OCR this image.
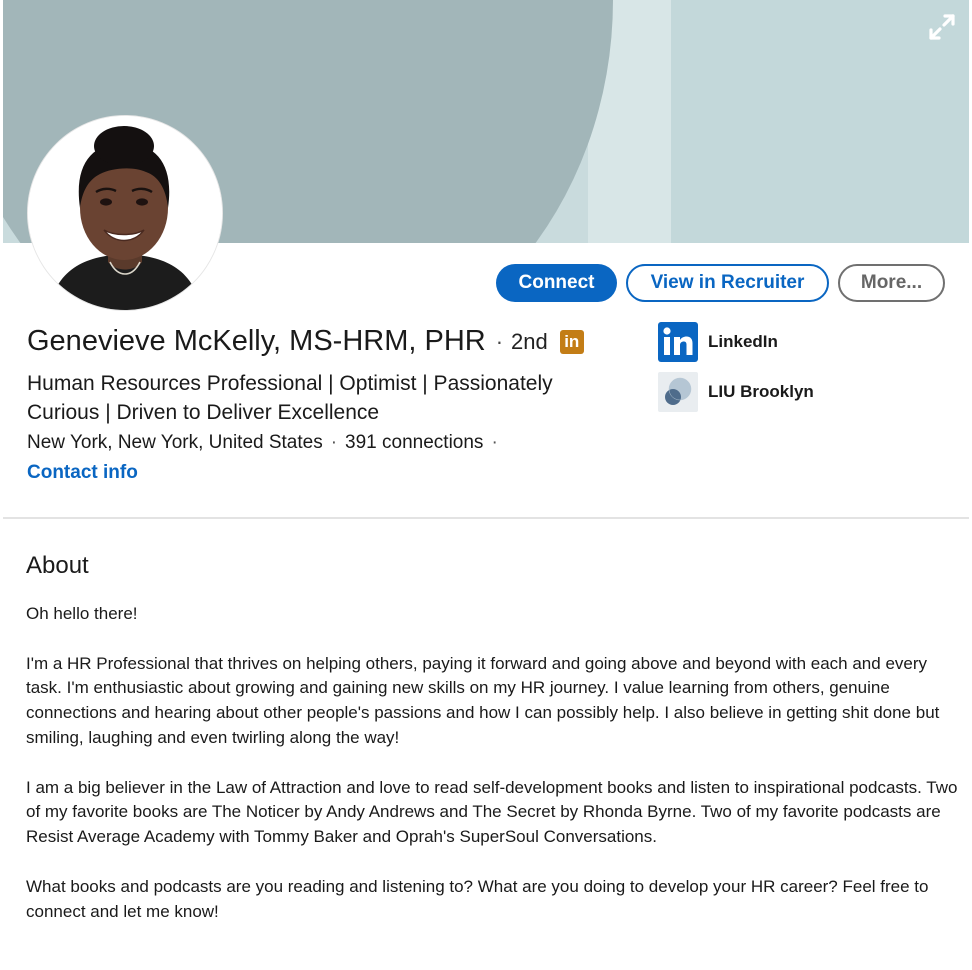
Connect	View in Recruiter	More...
Genevieve McKelly, MS-HRM, PHR · 2nd in
Human Resources Professional | Optimist | Passionately Curious | Driven to Deliver Excellence
New York, New York, United States · 391 connections ·
Contact info
LinkedIn
LIU Brooklyn
About

Oh hello there!

I'm a HR Professional that thrives on helping others, paying it forward and going above and beyond with each and every task. I'm enthusiastic about growing and gaining new skills on my HR journey. I value learning from others, genuine connections and hearing about other people's passions and how I can possibly help. I also believe in getting shit done but smiling, laughing and even twirling along the way!

I am a big believer in the Law of Attraction and love to read self-development books and listen to inspirational podcasts. Two of my favorite books are The Noticer by Andy Andrews and The Secret by Rhonda Byrne. Two of my favorite podcasts are Resist Average Academy with Tommy Baker and Oprah's SuperSoul Conversations.

What books and podcasts are you reading and listening to? What are you doing to develop your HR career? Feel free to connect and let me know!
